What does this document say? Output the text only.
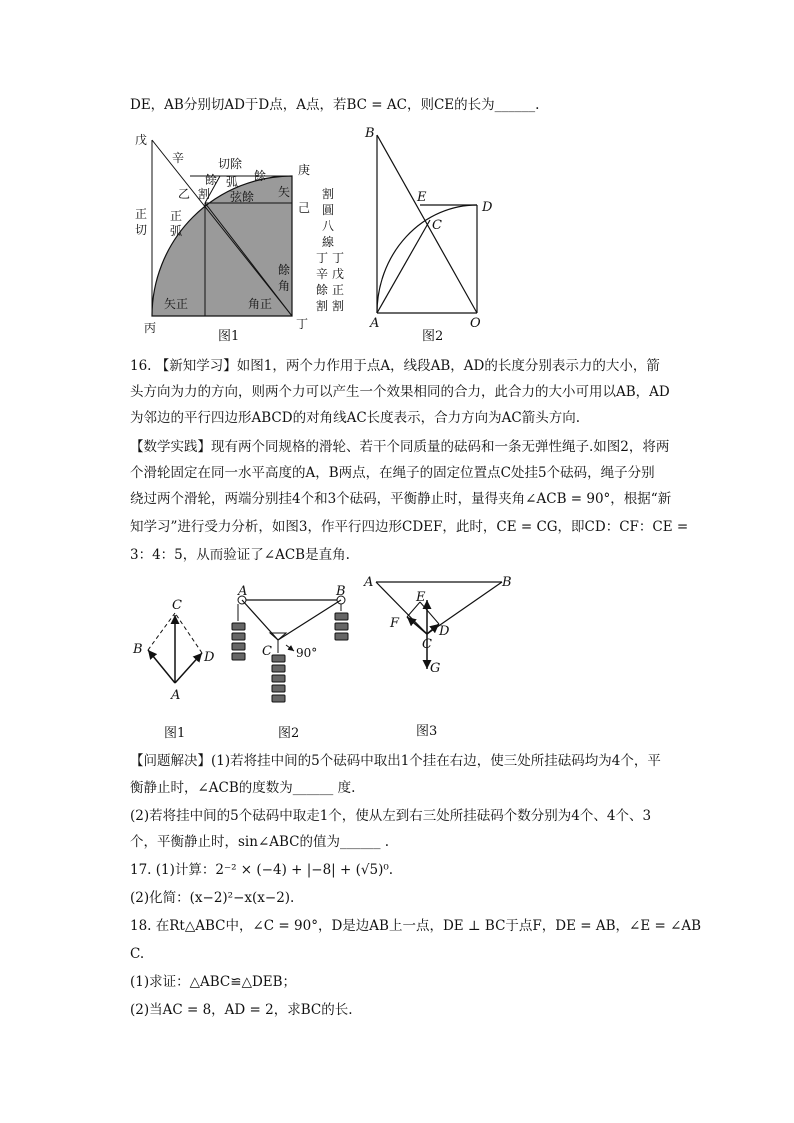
DE，AB分别切AD于D点，A点，若BC = AC，则CE的长为______.
戊
辛	切除
餘 弧 餘	庚
乙 割 弦餘 矢
正
弧
正
切
己
割
圓
八
線
丁
戊
正
割
丁
辛
餘
割
餘
角
矢正	角正
丙	丁
图1
B
E
D
C
A	O
图2
16. 【新知学习】如图1，两个力作用于点A，线段AB，AD的长度分别表示力的大小，箭
头方向为力的方向，则两个力可以产生一个效果相同的合力，此合力的大小可用以AB，AD
为邻边的平行四边形ABCD的对角线AC长度表示，合力方向为AC箭头方向.
【数学实践】现有两个同规格的滑轮、若干个同质量的砝码和一条无弹性绳子.如图2，将两
个滑轮固定在同一水平高度的A，B两点，在绳子的固定位置点C处挂5个砝码，绳子分别
绕过两个滑轮，两端分别挂4个和3个砝码，平衡静止时，量得夹角∠ACB = 90°，根据“新
知学习”进行受力分析，如图3，作平行四边形CDEF，此时，CE = CG，即CD：CF：CE =
3：4：5，从而验证了∠ACB是直角.
C
B
D
A
图1
A	B
C 90°
图2
A	B
E
F
D
C
G
图3
【问题解决】(1)若将挂中间的5个砝码中取出1个挂在右边，使三处所挂砝码均为4个，平
衡静止时，∠ACB的度数为______ 度.
(2)若将挂中间的5个砝码中取走1个，使从左到右三处所挂砝码个数分别为4个、4个、3
个，平衡静止时，sin∠ABC的值为______ .
17. (1)计算：2⁻² × (−4) + |−8| + (√5)⁰.
(2)化简：(x−2)²−x(x−2).
18. 在Rt△ABC中，∠C = 90°，D是边AB上一点，DE ⊥ BC于点F，DE = AB，∠E = ∠AB
C.
(1)求证：△ABC≌△DEB；
(2)当AC = 8，AD = 2，求BC的长.
